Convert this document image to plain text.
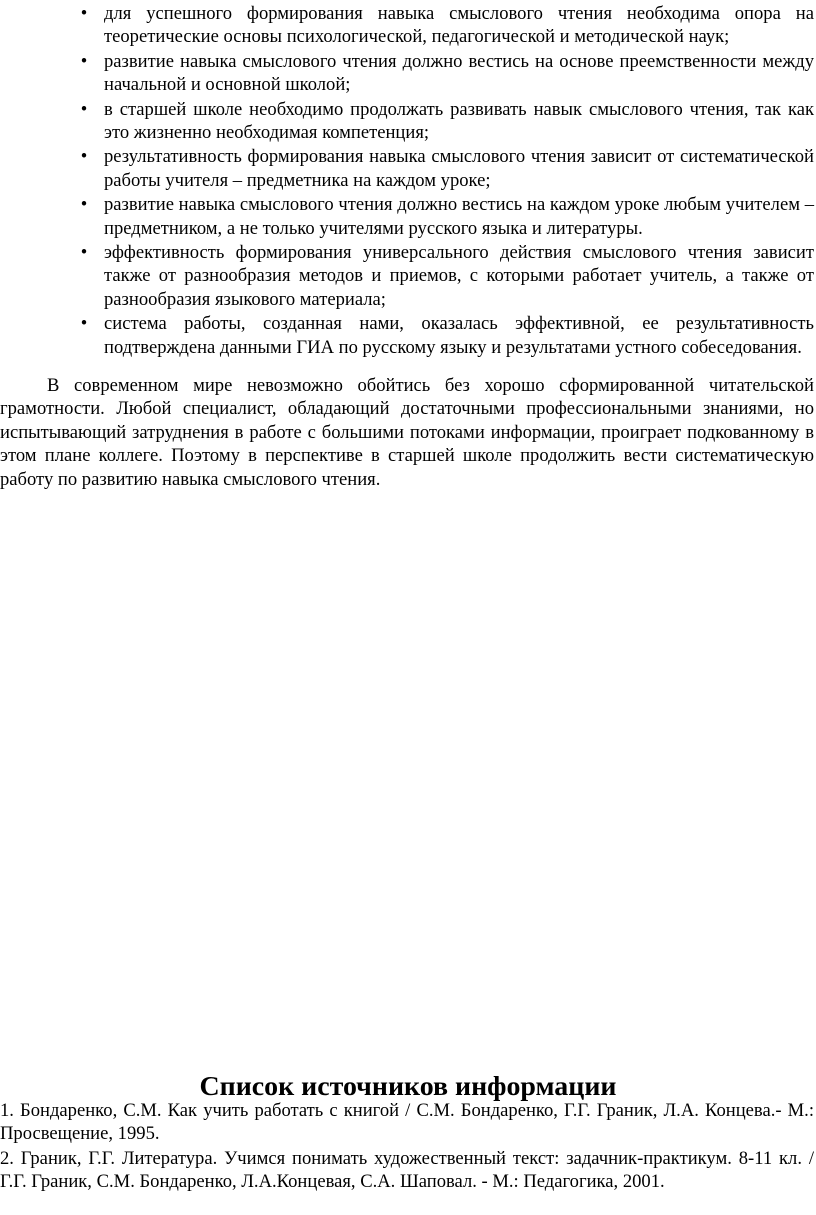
• для успешного формирования навыка смыслового чтения необходима опора на теоретические основы психологической, педагогической и методической наук;
• развитие навыка смыслового чтения должно вестись на основе преемственности между начальной и основной школой;
• в старшей школе необходимо продолжать развивать навык смыслового чтения, так как это жизненно необходимая компетенция;
• результативность формирования навыка смыслового чтения зависит от систематической работы учителя – предметника на каждом уроке;
• развитие навыка смыслового чтения должно вестись на каждом уроке любым учителем – предметником, а не только учителями русского языка и литературы.
• эффективность формирования универсального действия смыслового чтения зависит также от разнообразия методов и приемов, с которыми работает учитель, а также от разнообразия языкового материала;
• система работы, созданная нами, оказалась эффективной, ее результативность подтверждена данными ГИА по русскому языку и результатами устного собеседования.

В современном мире невозможно обойтись без хорошо сформированной читательской грамотности. Любой специалист, обладающий достаточными профессиональными знаниями, но испытывающий затруднения в работе с большими потоками информации, проиграет подкованному в этом плане коллеге. Поэтому в перспективе в старшей школе продолжить вести систематическую работу по развитию навыка смыслового чтения.

Список источников информации
1. Бондаренко, С.М. Как учить работать с книгой / С.М. Бондаренко, Г.Г. Граник, Л.А. Концева.- М.: Просвещение, 1995.
2. Граник, Г.Г. Литература. Учимся понимать художественный текст: задачник-практикум. 8-11 кл. / Г.Г. Граник, С.М. Бондаренко, Л.А.Концевая, С.А. Шаповал. - М.: Педагогика, 2001.
